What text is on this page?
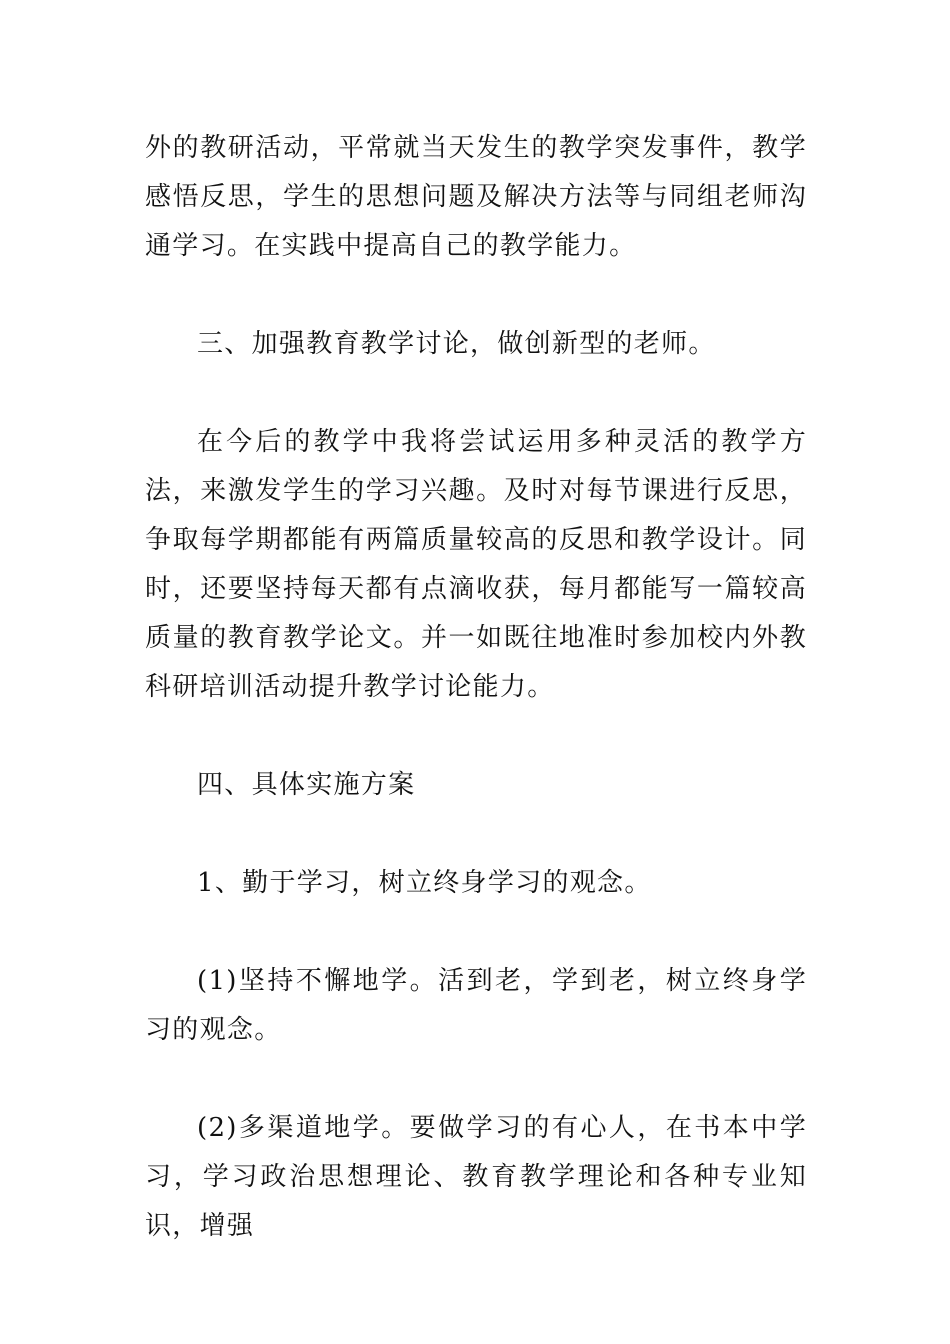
外的教研活动，平常就当天发生的教学突发事件，教学感悟反思，学生的思想问题及解决方法等与同组老师沟通学习。在实践中提高自己的教学能力。

三、加强教育教学讨论，做创新型的老师。

在今后的教学中我将尝试运用多种灵活的教学方法，来激发学生的学习兴趣。及时对每节课进行反思，争取每学期都能有两篇质量较高的反思和教学设计。同时，还要坚持每天都有点滴收获，每月都能写一篇较高质量的教育教学论文。并一如既往地准时参加校内外教科研培训活动提升教学讨论能力。

四、具体实施方案

1、勤于学习，树立终身学习的观念。

(1)坚持不懈地学。活到老，学到老，树立终身学习的观念。

(2)多渠道地学。要做学习的有心人，在书本中学习，学习政治思想理论、教育教学理论和各种专业知识，增强
